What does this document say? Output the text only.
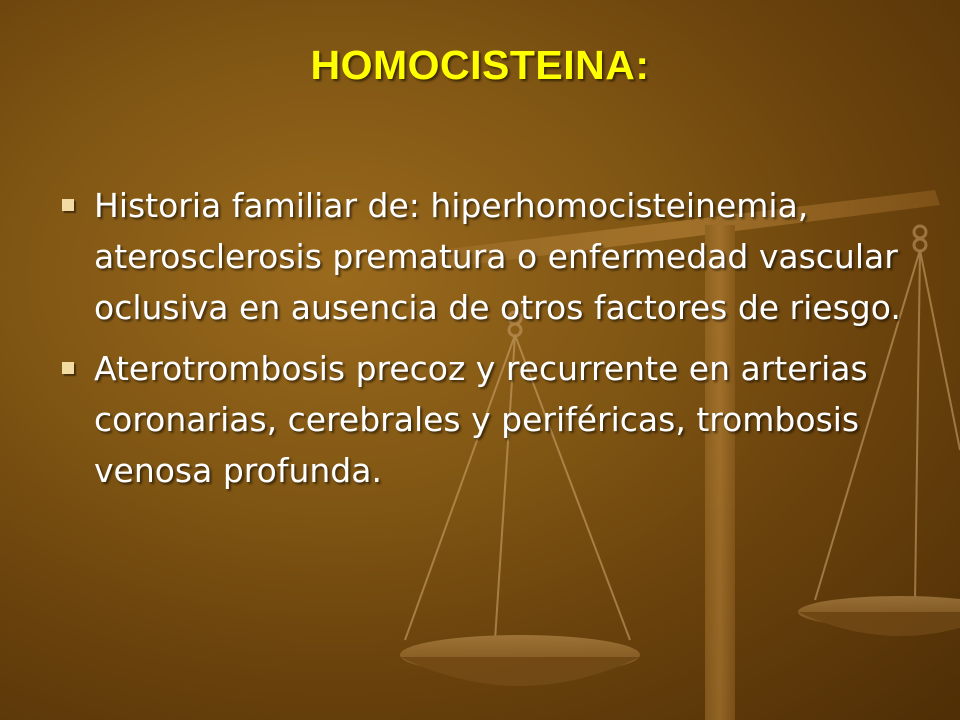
HOMOCISTEINA:
Historia familiar de: hiperhomocisteinemia, aterosclerosis prematura o enfermedad vascular oclusiva en ausencia de otros factores de riesgo.
Aterotrombosis precoz y recurrente en arterias coronarias, cerebrales y periféricas, trombosis venosa profunda.
